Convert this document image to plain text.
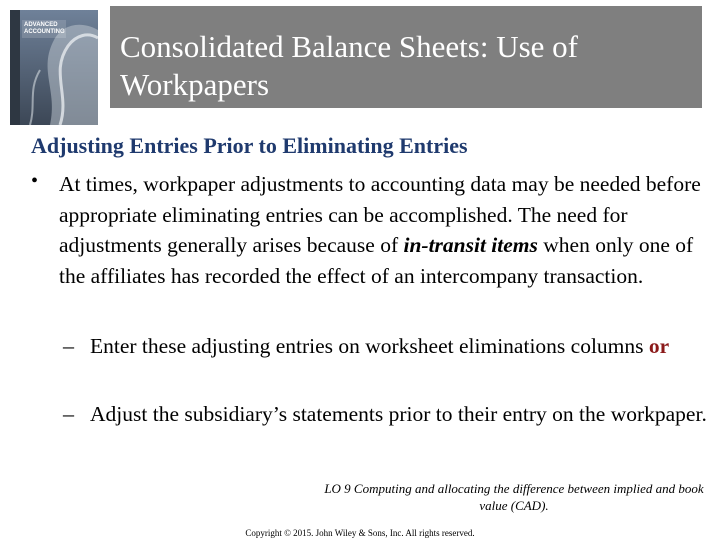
ADVANCED ACCOUNTING Consolidated Balance Sheets: Use of Workpapers
Adjusting Entries Prior to Eliminating Entries
• At times, workpaper adjustments to accounting data may be needed before appropriate eliminating entries can be accomplished. The need for adjustments generally arises because of in-transit items when only one of the affiliates has recorded the effect of an intercompany transaction.
– Enter these adjusting entries on worksheet eliminations columns or
– Adjust the subsidiary’s statements prior to their entry on the workpaper.
LO 9 Computing and allocating the difference between implied and book value (CAD).
Copyright © 2015. John Wiley & Sons, Inc. All rights reserved.
